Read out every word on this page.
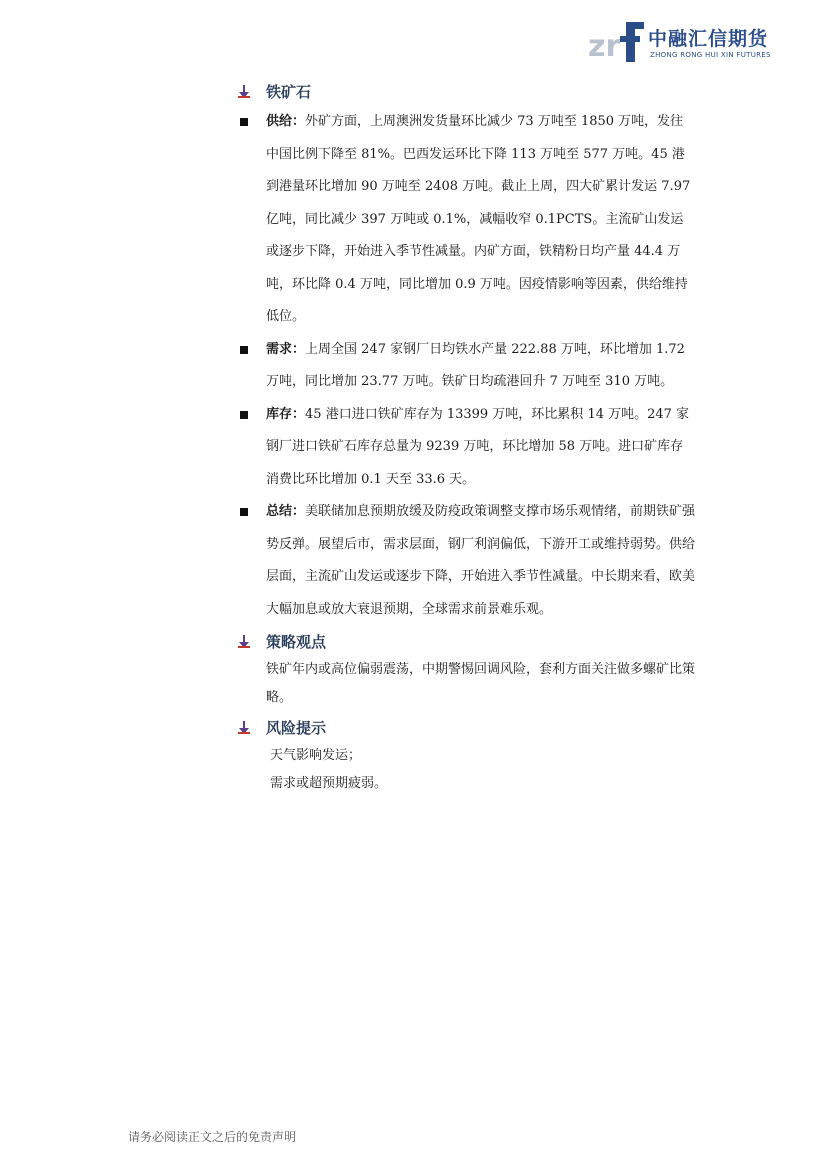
zr 中融汇信期货
ZHONG RONG HUI XIN FUTURES
铁矿石
供给：外矿方面，上周澳洲发货量环比减少 73 万吨至 1850 万吨，发往中国比例下降至 81%。巴西发运环比下降 113 万吨至 577 万吨。45 港到港量环比增加 90 万吨至 2408 万吨。截止上周，四大矿累计发运 7.97 亿吨，同比减少 397 万吨或 0.1%，减幅收窄 0.1PCTS。主流矿山发运或逐步下降，开始进入季节性减量。内矿方面，铁精粉日均产量 44.4 万吨，环比降 0.4 万吨，同比增加 0.9 万吨。因疫情影响等因素，供给维持低位。
需求：上周全国 247 家钢厂日均铁水产量 222.88 万吨，环比增加 1.72 万吨，同比增加 23.77 万吨。铁矿日均疏港回升 7 万吨至 310 万吨。
库存：45 港口进口铁矿库存为 13399 万吨，环比累积 14 万吨。247 家钢厂进口铁矿石库存总量为 9239 万吨，环比增加 58 万吨。进口矿库存消费比环比增加 0.1 天至 33.6 天。
总结：美联储加息预期放缓及防疫政策调整支撑市场乐观情绪，前期铁矿强势反弹。展望后市，需求层面，钢厂利润偏低，下游开工或维持弱势。供给层面，主流矿山发运或逐步下降，开始进入季节性减量。中长期来看，欧美大幅加息或放大衰退预期，全球需求前景难乐观。
策略观点
铁矿年内或高位偏弱震荡，中期警惕回调风险，套利方面关注做多螺矿比策略。
风险提示
天气影响发运；
需求或超预期疲弱。
请务必阅读正文之后的免责声明
